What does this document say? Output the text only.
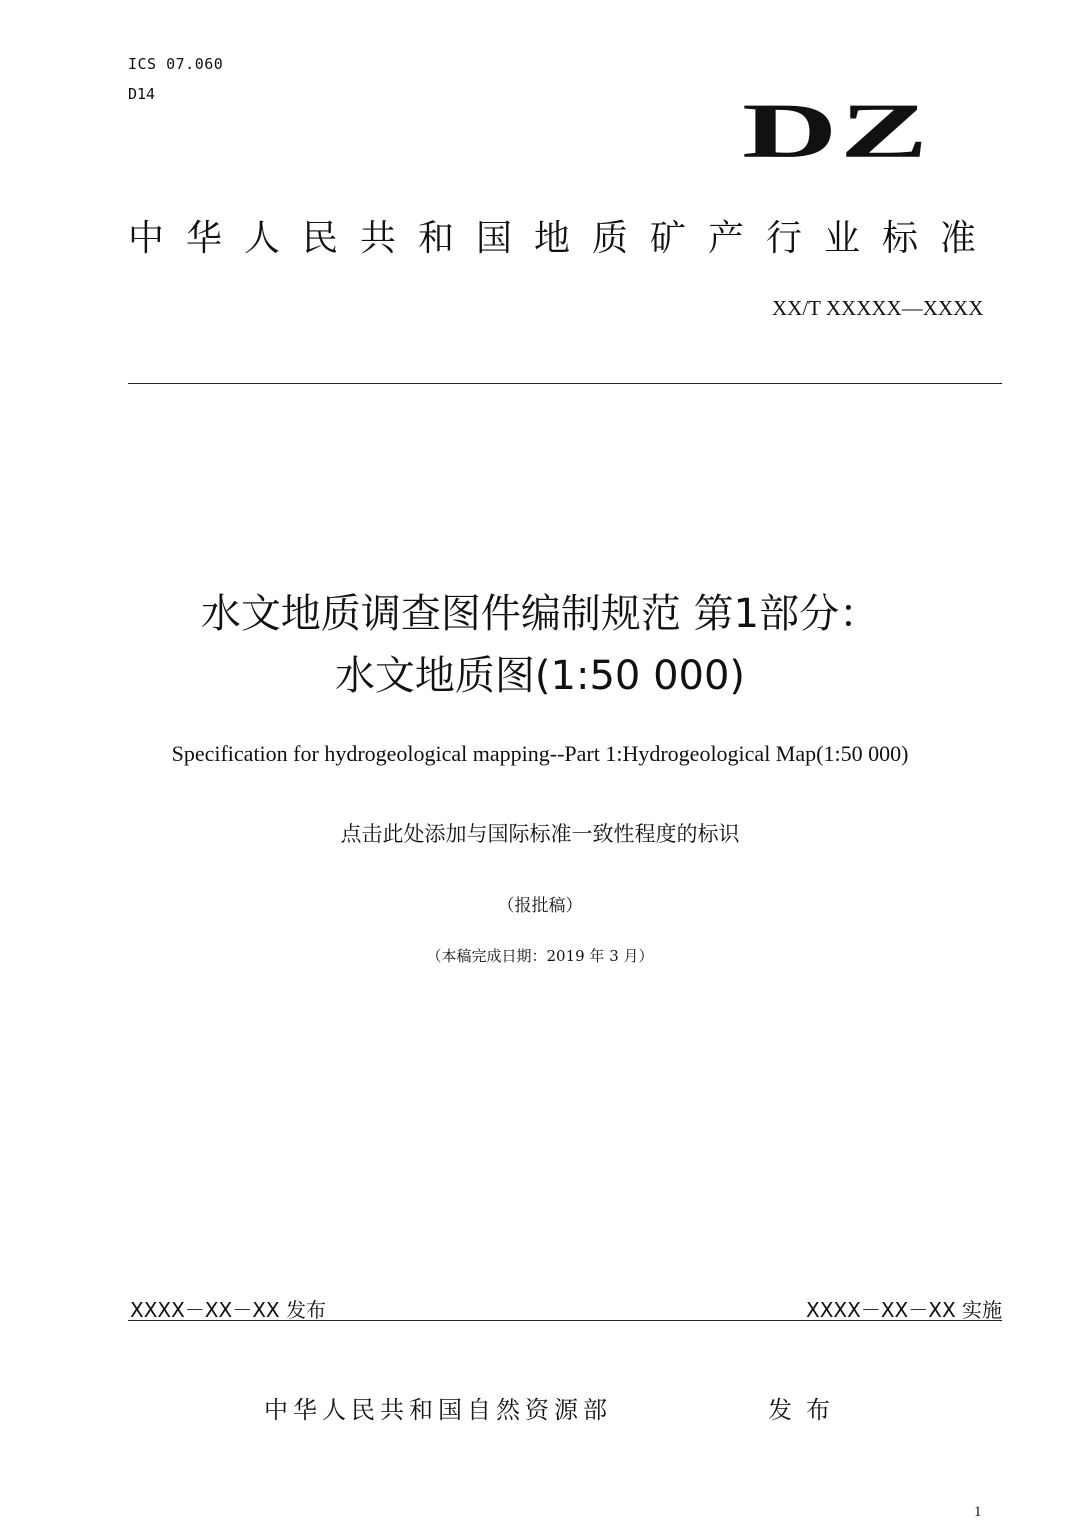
ICS 07.060
D14	DZ
中华人民共和国地质矿产行业标准
XX/T XXXXX—XXXX
水文地质调查图件编制规范 第1部分：
水文地质图(1:50 000)
Specification for hydrogeological mapping--Part 1:Hydrogeological Map(1:50 000)
点击此处添加与国际标准一致性程度的标识
（报批稿）
（本稿完成日期：2019 年 3 月）
XXXX－XX－XX 发布	XXXX－XX－XX 实施
中华人民共和国自然资源部	发布
1
